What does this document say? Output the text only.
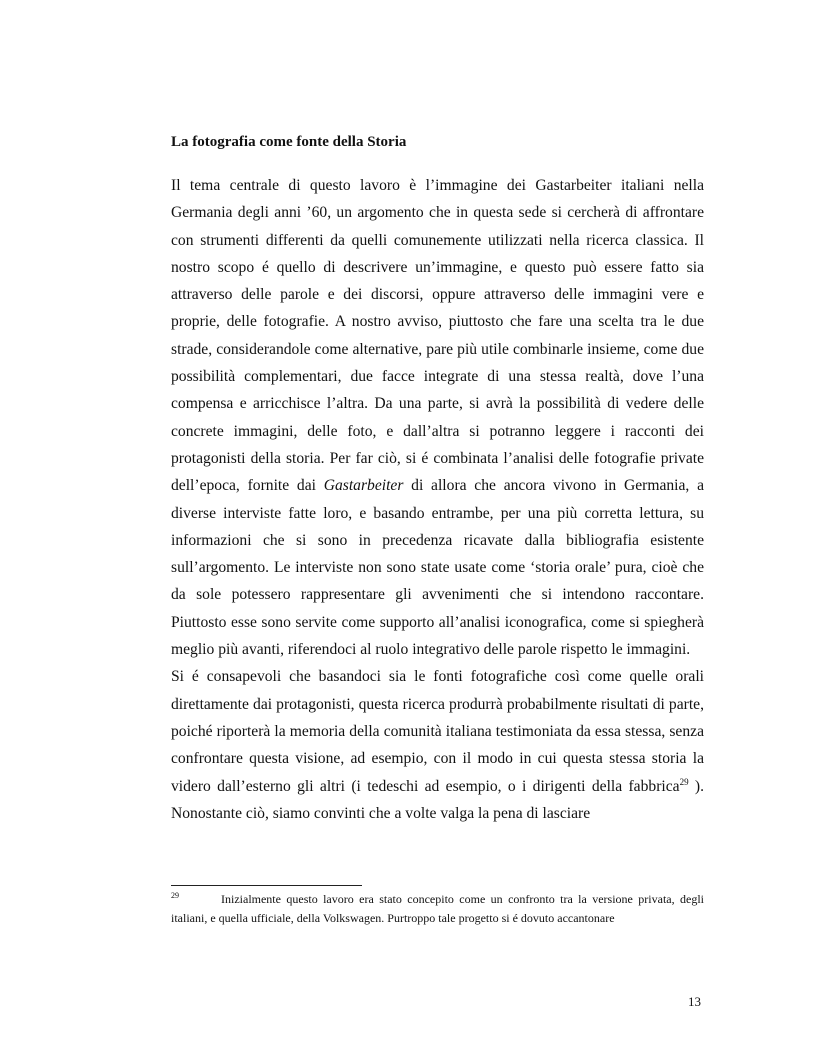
La fotografia come fonte della Storia

Il tema centrale di questo lavoro è l’immagine dei Gastarbeiter italiani nella Germania degli anni ’60, un argomento che in questa sede si cercherà di affrontare con strumenti differenti da quelli comunemente utilizzati nella ricerca classica. Il nostro scopo é quello di descrivere un’immagine, e questo può essere fatto sia attraverso delle parole e dei discorsi, oppure attraverso delle immagini vere e proprie, delle fotografie. A nostro avviso, piuttosto che fare una scelta tra le due strade, considerandole come alternative, pare più utile combinarle insieme, come due possibilità complementari, due facce integrate di una stessa realtà, dove l’una compensa e arricchisce l’altra. Da una parte, si avrà la possibilità di vedere delle concrete immagini, delle foto, e dall’altra si potranno leggere i racconti dei protagonisti della storia. Per far ciò, si é combinata l’analisi delle fotografie private dell’epoca, fornite dai Gastarbeiter di allora che ancora vivono in Germania, a diverse interviste fatte loro, e basando entrambe, per una più corretta lettura, su informazioni che si sono in precedenza ricavate dalla bibliografia esistente sull’argomento. Le interviste non sono state usate come ‘storia orale’ pura, cioè che da sole potessero rappresentare gli avvenimenti che si intendono raccontare. Piuttosto esse sono servite come supporto all’analisi iconografica, come si spiegherà meglio più avanti, riferendoci al ruolo integrativo delle parole rispetto le immagini.

Si é consapevoli che basandoci sia le fonti fotografiche così come quelle orali direttamente dai protagonisti, questa ricerca produrrà probabilmente risultati di parte, poiché riporterà la memoria della comunità italiana testimoniata da essa stessa, senza confrontare questa visione, ad esempio, con il modo in cui questa stessa storia la videro dall’esterno gli altri (i tedeschi ad esempio, o i dirigenti della fabbrica$^{29}$ ). Nonostante ciò, siamo convinti che a volte valga la pena di lasciare

29	Inizialmente questo lavoro era stato concepito come un confronto tra la versione privata, degli italiani, e quella ufficiale, della Volkswagen. Purtroppo tale progetto si é dovuto accantonare
13
